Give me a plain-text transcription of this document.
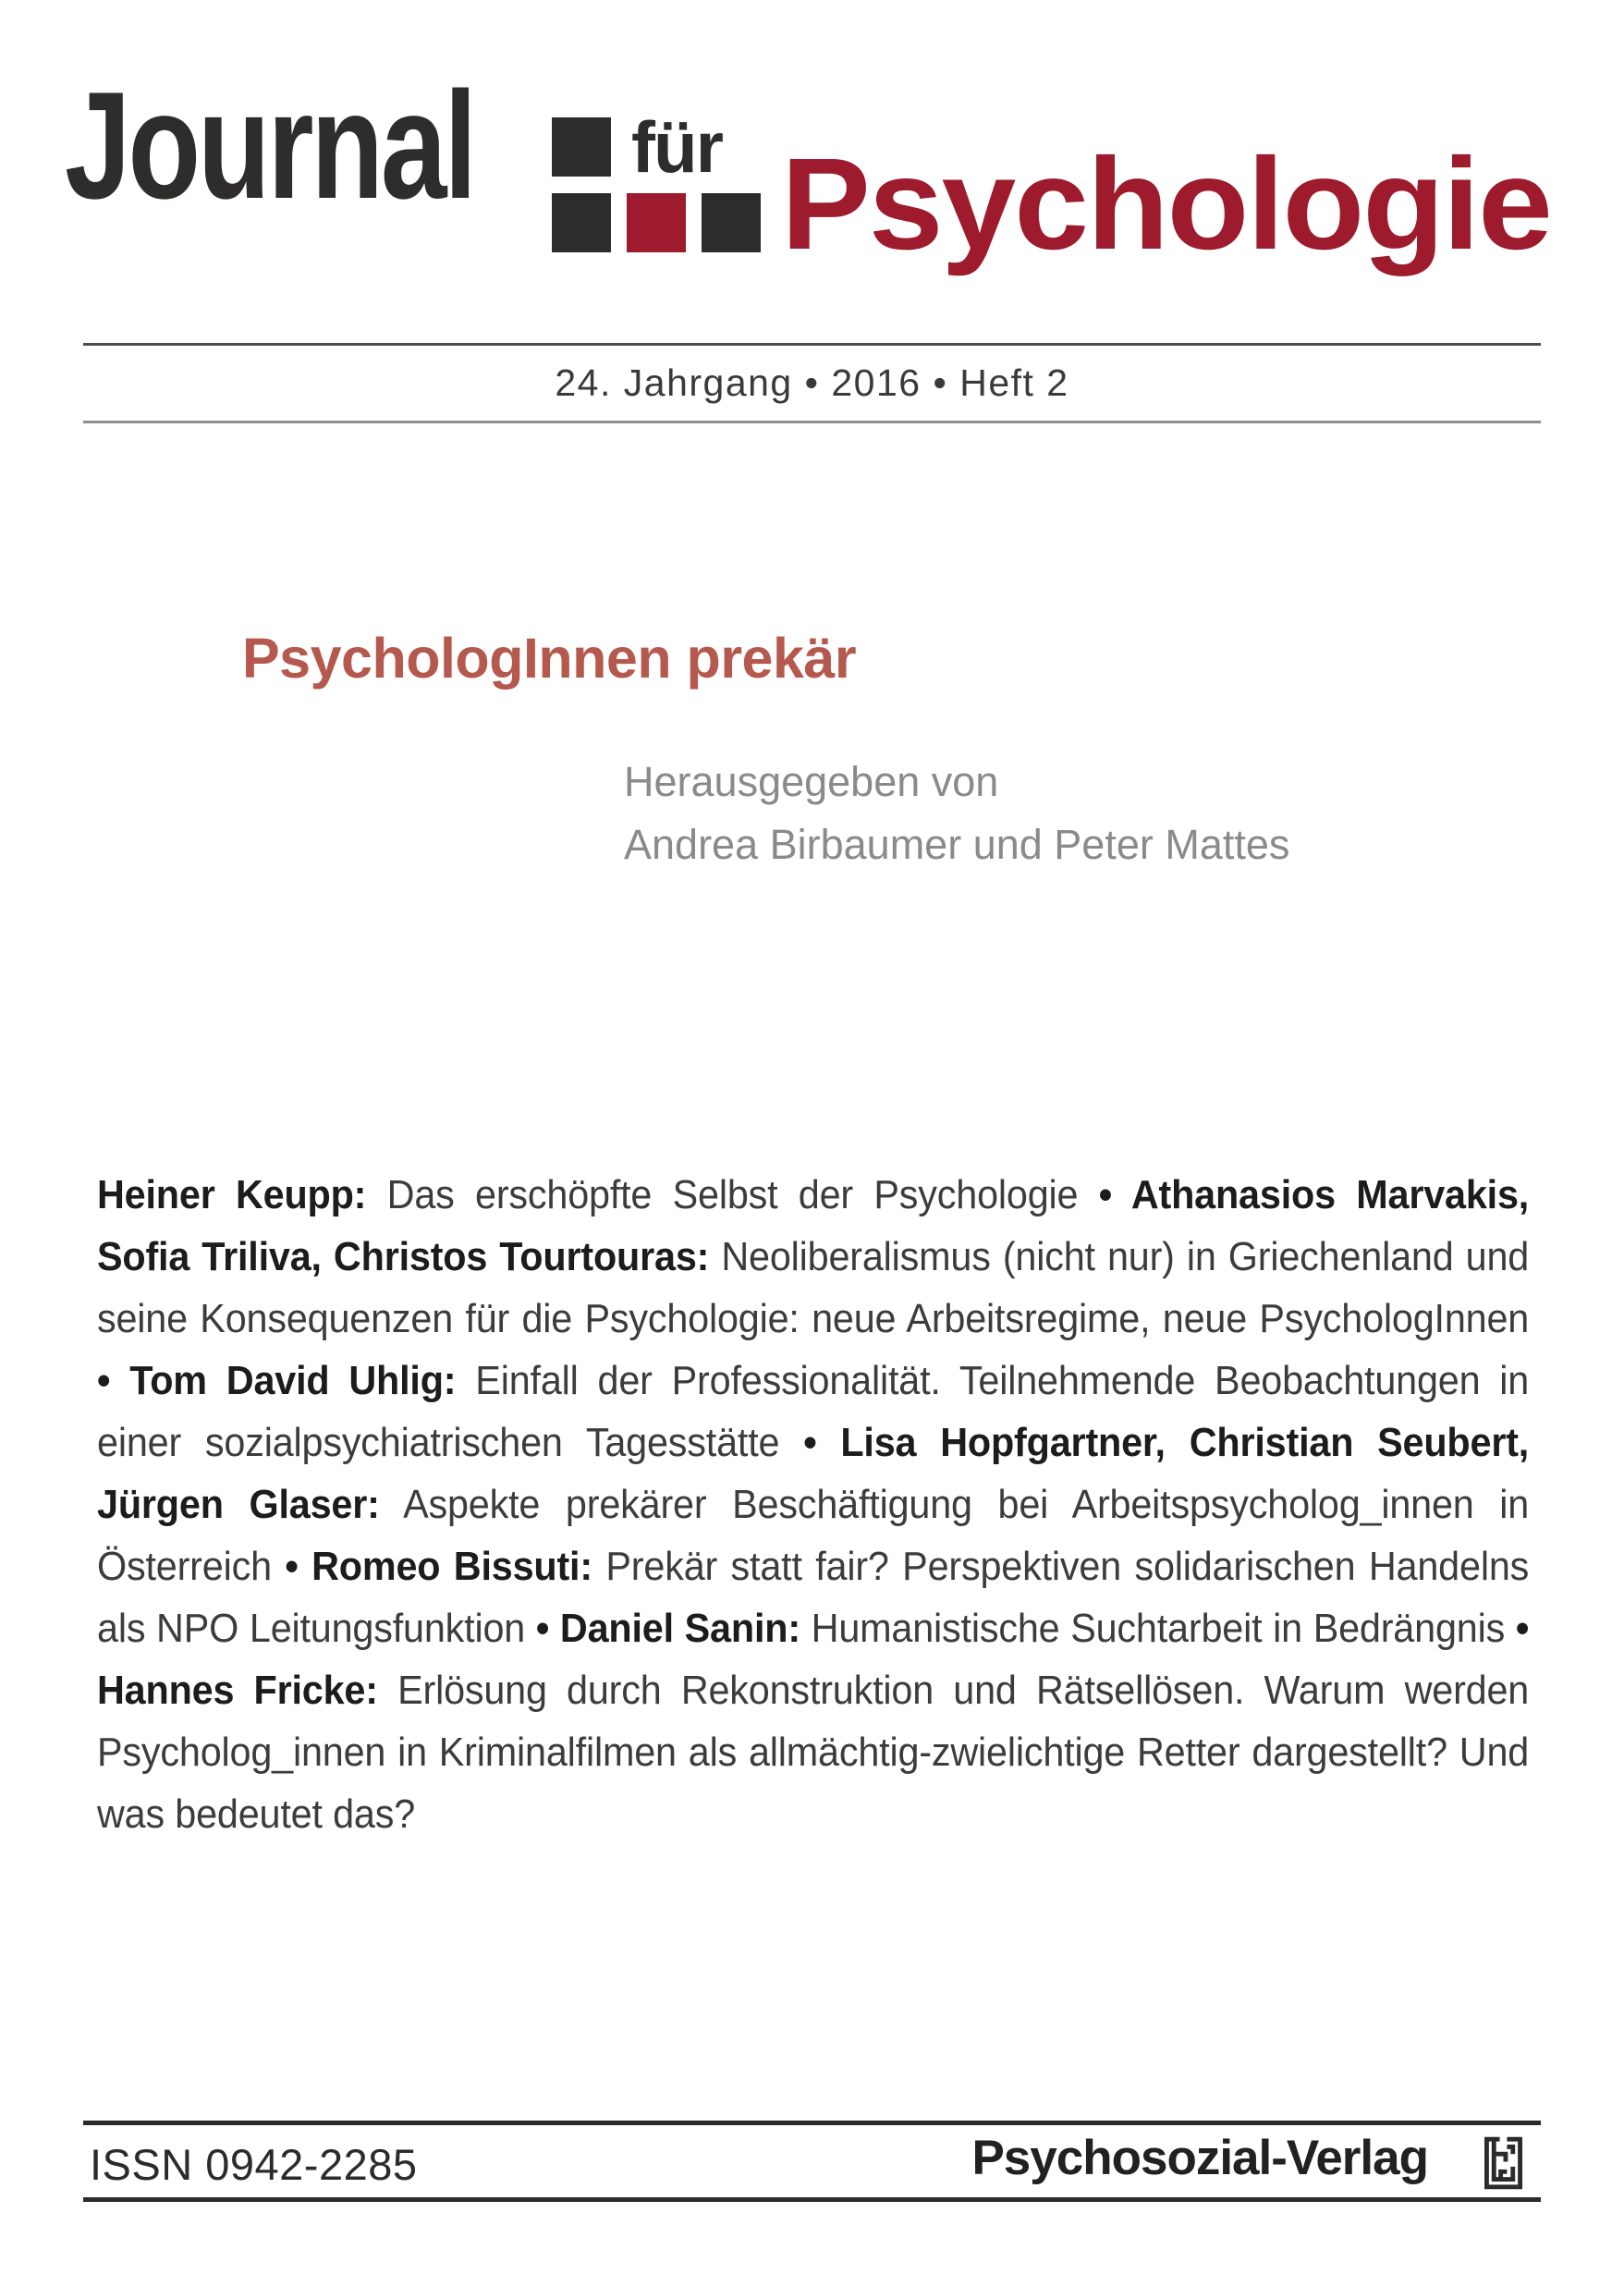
Journal für Psychologie
24. Jahrgang • 2016 • Heft 2
PsychologInnen prekär
Herausgegeben von
Andrea Birbaumer und Peter Mattes
Heiner Keupp: Das erschöpfte Selbst der Psychologie • Athanasios Marvakis, Sofia Triliva, Christos Tourtouras: Neoliberalismus (nicht nur) in Griechenland und seine Konsequenzen für die Psychologie: neue Arbeitsregime, neue PsychologInnen • Tom David Uhlig: Einfall der Professionalität. Teilnehmende Beobachtungen in einer sozialpsychiatrischen Tagesstätte • Lisa Hopfgartner, Christian Seubert, Jürgen Glaser: Aspekte prekärer Beschäftigung bei Arbeitspsycholog_innen in Österreich • Romeo Bissuti: Prekär statt fair? Perspektiven solidarischen Handelns als NPO Leitungsfunktion • Daniel Sanin: Humanistische Suchtarbeit in Bedrängnis • Hannes Fricke: Erlösung durch Rekonstruktion und Rätsellösen. Warum werden Psycholog_innen in Kriminalfilmen als allmächtig-zwielichtige Retter dargestellt? Und was bedeutet das?
ISSN 0942-2285	Psychosozial-Verlag
